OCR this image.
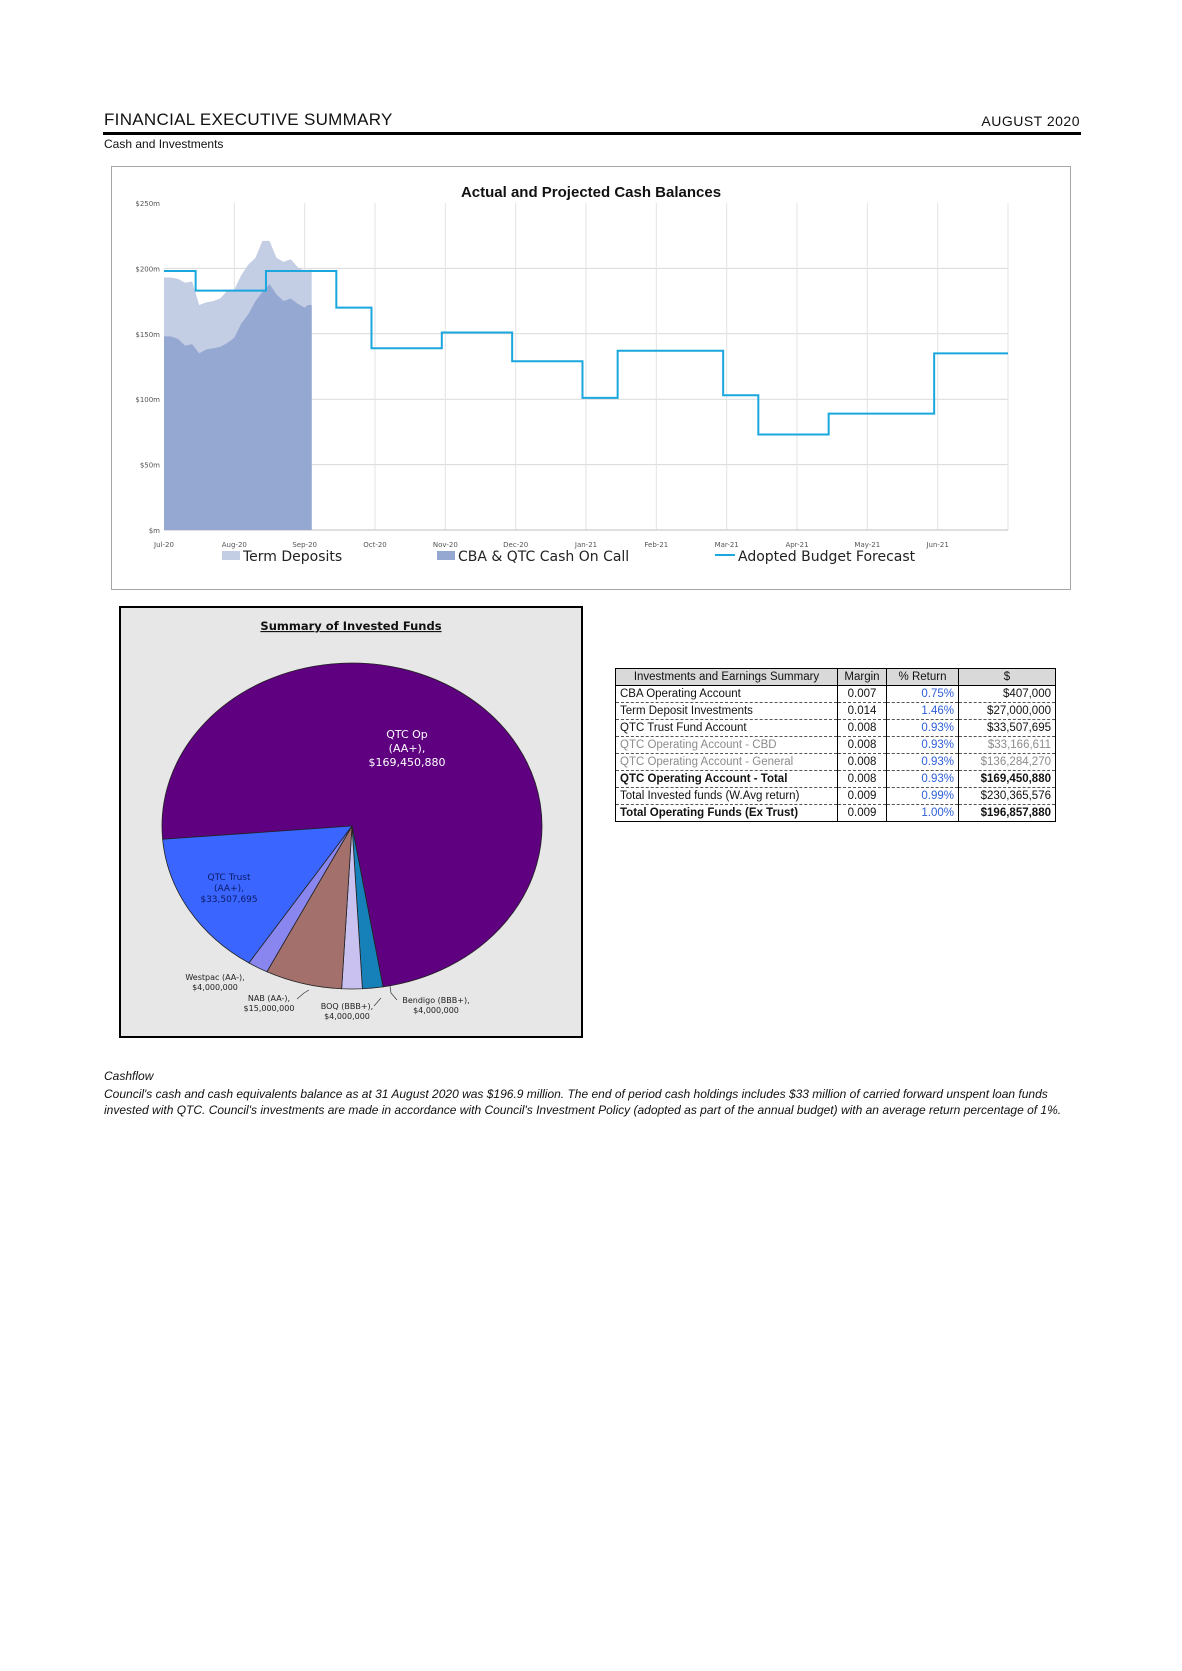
FINANCIAL EXECUTIVE SUMMARY	AUGUST 2020
Cash and Investments
Actual and Projected Cash Balances
$m
$50m
$100m
$150m
$200m
$250m
Jul-20	Aug-20	Sep-20	Oct-20	Nov-20	Dec-20	Jan-21	Feb-21	Mar-21	Apr-21	May-21	Jun-21
Term Deposits	CBA & QTC Cash On Call	Adopted Budget Forecast
Summary of Invested Funds
QTC Op (AA+), $169,450,880
QTC Trust (AA+), $33,507,695
Westpac (AA-), $4,000,000
NAB (AA-), $15,000,000	BOQ (BBB+), $4,000,000
Bendigo (BBB+), $4,000,000
Investments and Earnings Summary	Margin	% Return	$
CBA Operating Account	0.007	0.75%	$407,000
Term Deposit Investments	0.014	1.46%	$27,000,000
QTC Trust Fund Account	0.008	0.93%	$33,507,695
QTC Operating Account - CBD	0.008	0.93%	$33,166,611
QTC Operating Account - General	0.008	0.93%	$136,284,270
QTC Operating Account - Total	0.008	0.93%	$169,450,880
Total Invested funds (W.Avg return)	0.009	0.99%	$230,365,576
Total Operating Funds (Ex Trust)	0.009	1.00%	$196,857,880
Cashflow
Council's cash and cash equivalents balance as at 31 August 2020 was $196.9 million. The end of period cash holdings includes $33 million of carried forward unspent loan funds invested with QTC. Council's investments are made in accordance with Council's Investment Policy (adopted as part of the annual budget) with an average return percentage of 1%.
